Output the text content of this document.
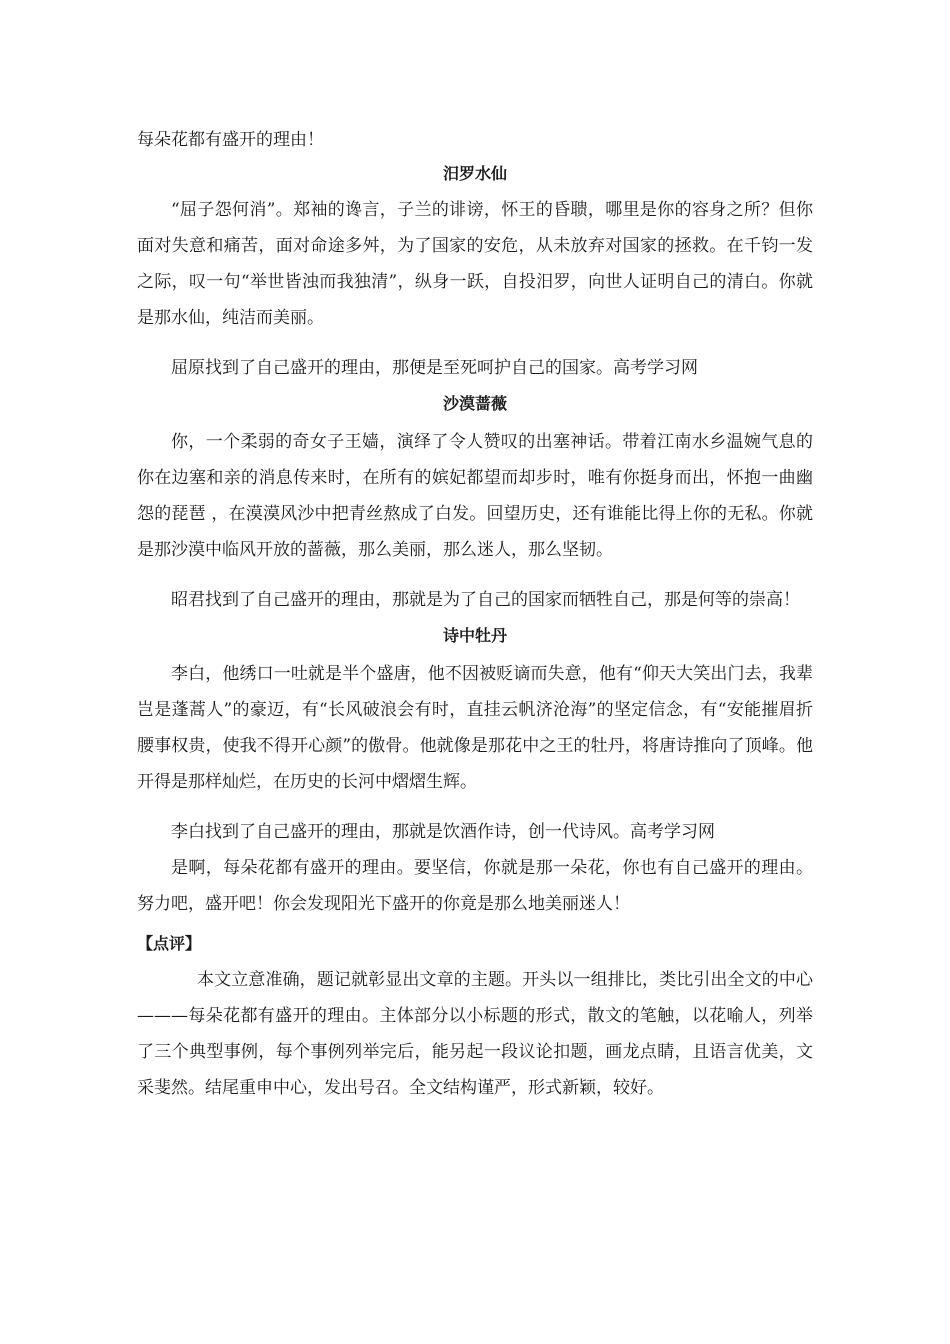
每朵花都有盛开的理由！

汨罗水仙

“屈子怨何消”。郑袖的谗言，子兰的诽谤，怀王的昏聩，哪里是你的容身之所？但你面对失意和痛苦，面对命途多舛，为了国家的安危，从未放弃对国家的拯救。在千钧一发之际，叹一句“举世皆浊而我独清”，纵身一跃，自投汨罗，向世人证明自己的清白。你就是那水仙，纯洁而美丽。

屈原找到了自己盛开的理由，那便是至死呵护自己的国家。高考学习网

沙漠蔷薇

你，一个柔弱的奇女子王嫱，演绎了令人赞叹的出塞神话。带着江南水乡温婉气息的你在边塞和亲的消息传来时，在所有的嫔妃都望而却步时，唯有你挺身而出，怀抱一曲幽怨的琵琶 ，在漠漠风沙中把青丝熬成了白发。回望历史，还有谁能比得上你的无私。你就是那沙漠中临风开放的蔷薇，那么美丽，那么迷人，那么坚韧。

昭君找到了自己盛开的理由，那就是为了自己的国家而牺牲自己，那是何等的崇高！

诗中牡丹

李白，他绣口一吐就是半个盛唐，他不因被贬谪而失意，他有“仰天大笑出门去，我辈岂是蓬蒿人”的豪迈，有“长风破浪会有时，直挂云帆济沧海”的坚定信念，有“安能摧眉折腰事权贵，使我不得开心颜”的傲骨。他就像是那花中之王的牡丹，将唐诗推向了顶峰。他开得是那样灿烂，在历史的长河中熠熠生辉。

李白找到了自己盛开的理由，那就是饮酒作诗，创一代诗风。高考学习网

是啊，每朵花都有盛开的理由。要坚信，你就是那一朵花，你也有自己盛开的理由。努力吧，盛开吧！你会发现阳光下盛开的你竟是那么地美丽迷人！

【点评】

本文立意准确，题记就彰显出文章的主题。开头以一组排比，类比引出全文的中心———每朵花都有盛开的理由。主体部分以小标题的形式，散文的笔触，以花喻人，列举了三个典型事例，每个事例列举完后，能另起一段议论扣题，画龙点睛，且语言优美，文采斐然。结尾重申中心，发出号召。全文结构谨严，形式新颖，较好。
